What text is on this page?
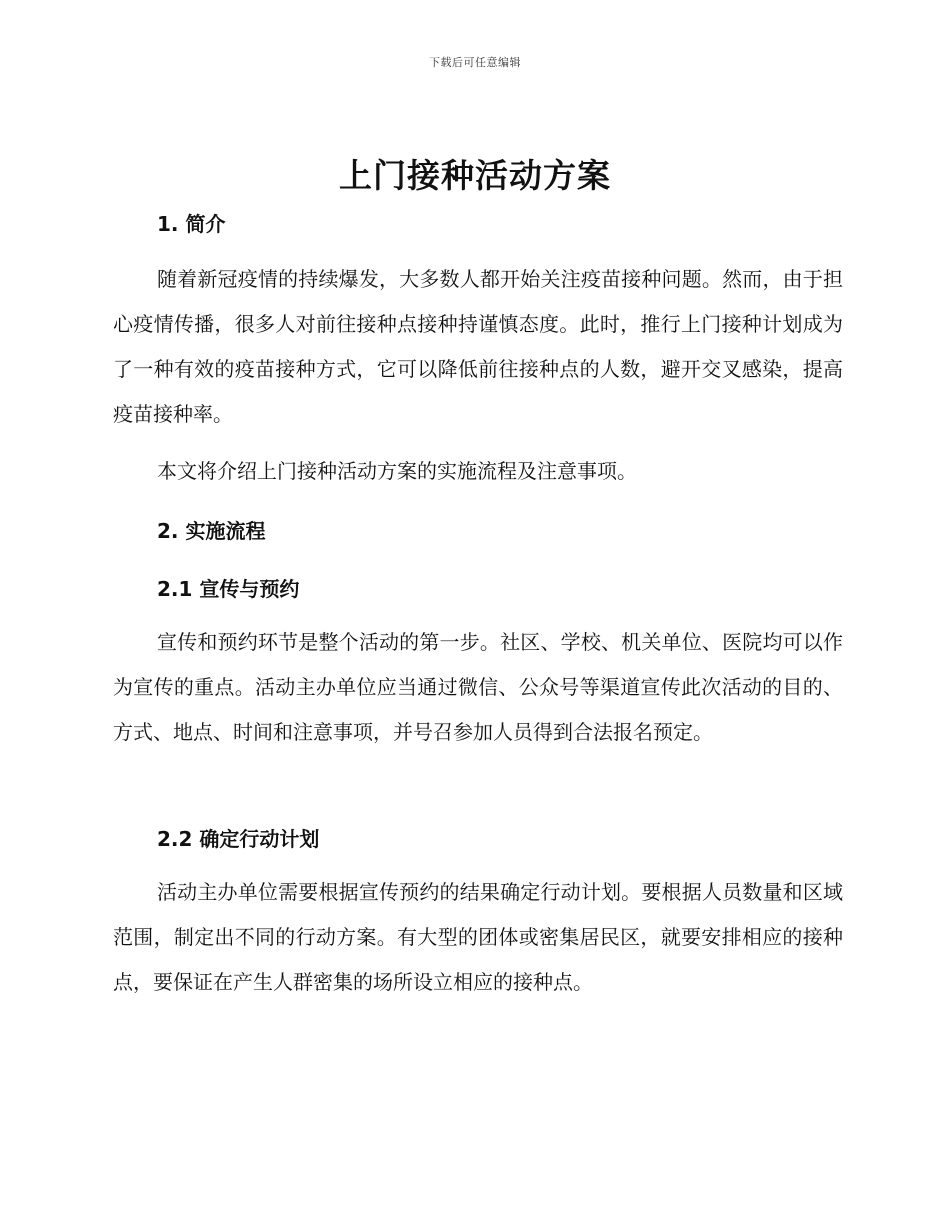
下载后可任意编辑
上门接种活动方案
1. 简介

随着新冠疫情的持续爆发，大多数人都开始关注疫苗接种问题。然而，由于担心疫情传播，很多人对前往接种点接种持谨慎态度。此时，推行上门接种计划成为了一种有效的疫苗接种方式，它可以降低前往接种点的人数，避开交叉感染，提高疫苗接种率。

本文将介绍上门接种活动方案的实施流程及注意事项。

2. 实施流程
2.1 宣传与预约

宣传和预约环节是整个活动的第一步。社区、学校、机关单位、医院均可以作为宣传的重点。活动主办单位应当通过微信、公众号等渠道宣传此次活动的目的、方式、地点、时间和注意事项，并号召参加人员得到合法报名预定。

2.2 确定行动计划

活动主办单位需要根据宣传预约的结果确定行动计划。要根据人员数量和区域范围，制定出不同的行动方案。有大型的团体或密集居民区，就要安排相应的接种点，要保证在产生人群密集的场所设立相应的接种点。
